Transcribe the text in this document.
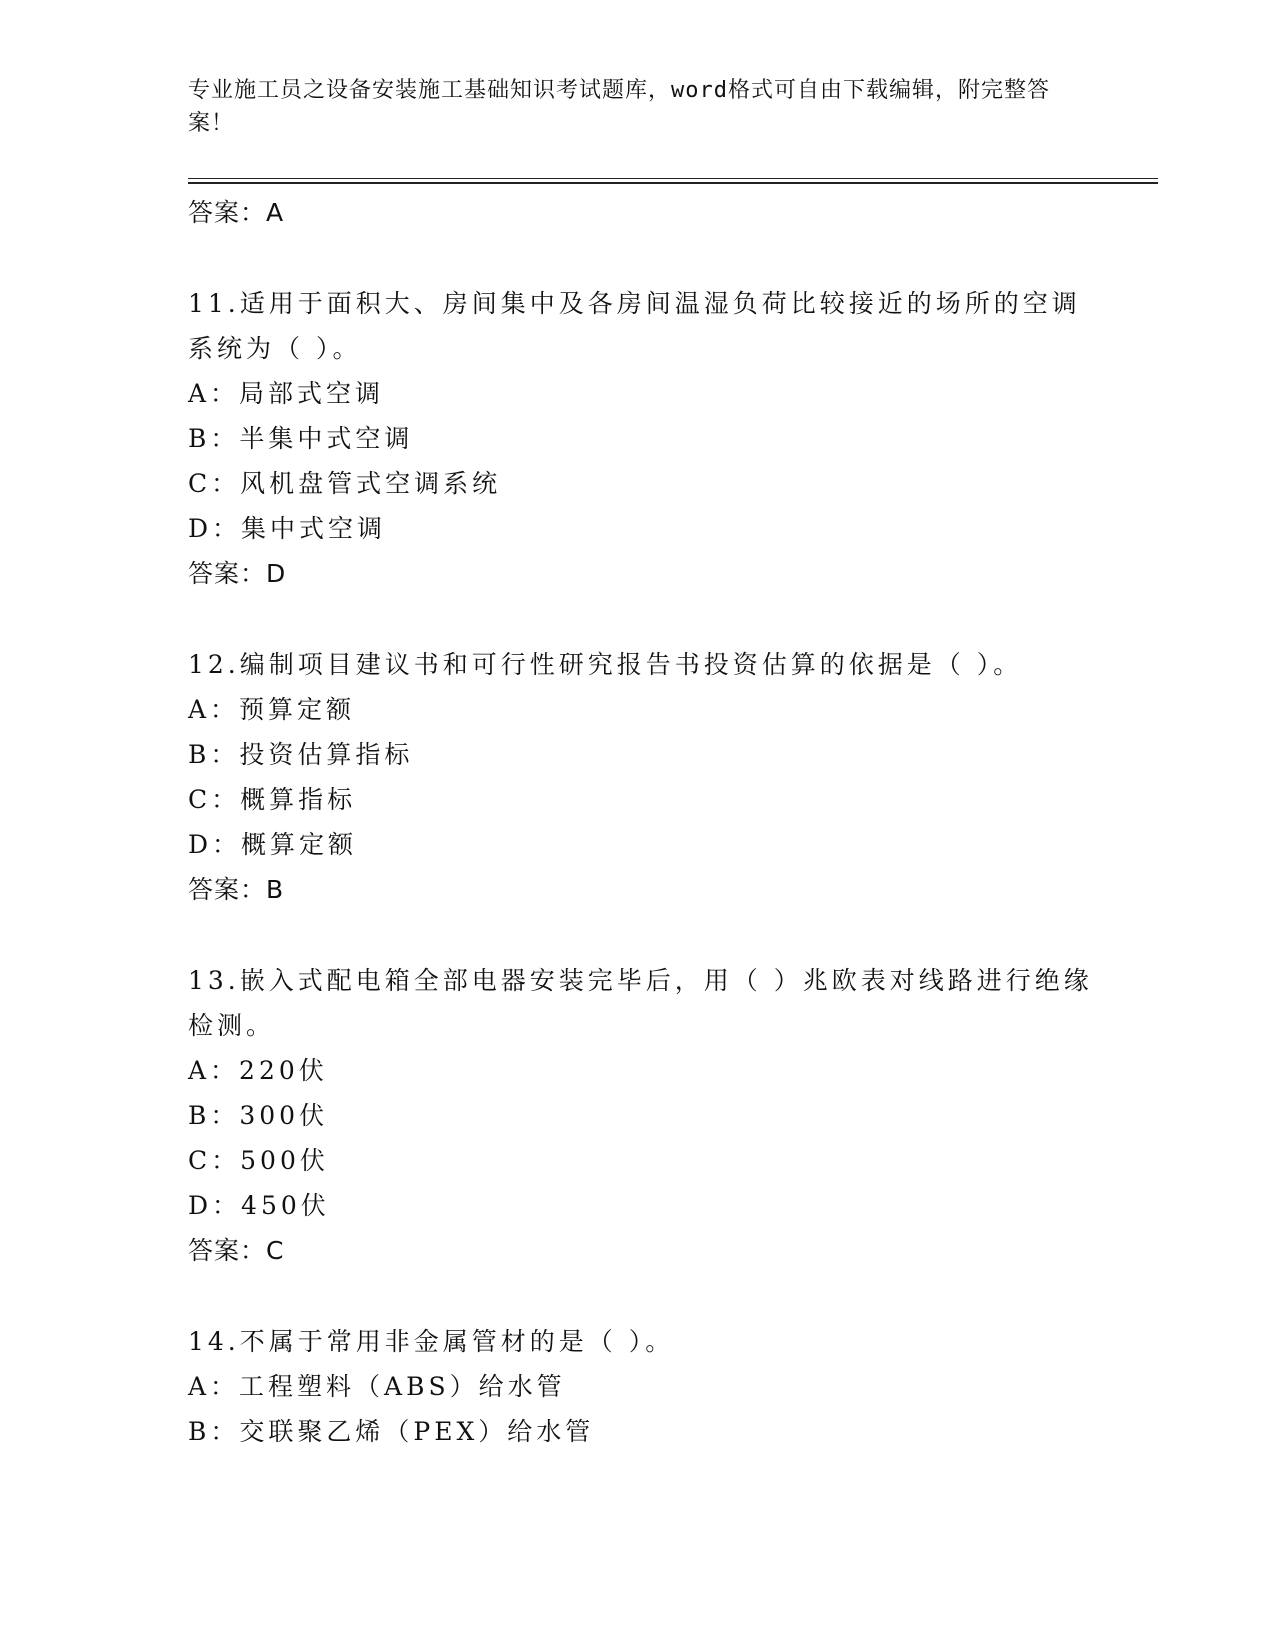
专业施工员之设备安装施工基础知识考试题库，word格式可自由下载编辑，附完整答案！
答案：A
11.适用于面积大、房间集中及各房间温湿负荷比较接近的场所的空调系统为（ ）。
A：局部式空调
B：半集中式空调
C：风机盘管式空调系统
D：集中式空调
答案：D
12.编制项目建议书和可行性研究报告书投资估算的依据是（ ）。
A：预算定额
B：投资估算指标
C：概算指标
D：概算定额
答案：B
13.嵌入式配电箱全部电器安装完毕后，用（ ）兆欧表对线路进行绝缘检测。
A：220伏
B：300伏
C：500伏
D：450伏
答案：C
14.不属于常用非金属管材的是（ ）。
A：工程塑料（ABS）给水管
B：交联聚乙烯（PEX）给水管
